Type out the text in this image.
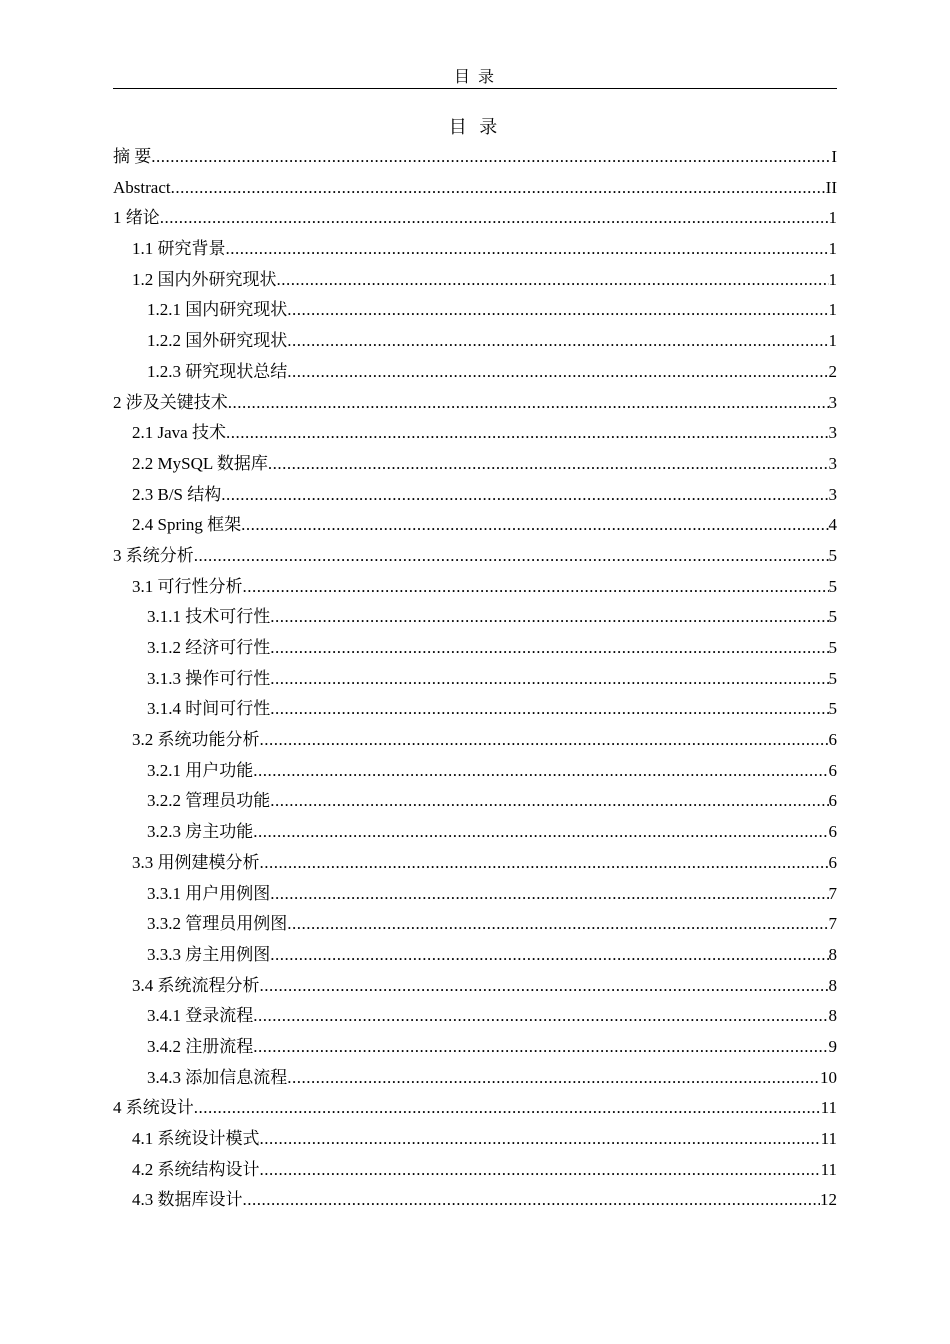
目 录
目 录
摘 要 .....	I
Abstract .....	II
1 绪论 .....	1
1.1 研究背景 .....	1
1.2 国内外研究现状 .....	1
1.2.1 国内研究现状 .....	1
1.2.2 国外研究现状 .....	1
1.2.3 研究现状总结 .....	2
2 涉及关键技术 .....	3
2.1 Java 技术 .....	3
2.2 MySQL 数据库 .....	3
2.3 B/S 结构 .....	3
2.4 Spring 框架 .....	4
3 系统分析 .....	5
3.1 可行性分析 .....	5
3.1.1 技术可行性 .....	5
3.1.2 经济可行性 .....	5
3.1.3 操作可行性 .....	5
3.1.4 时间可行性 .....	5
3.2 系统功能分析 .....	6
3.2.1 用户功能 .....	6
3.2.2 管理员功能 .....	6
3.2.3 房主功能 .....	6
3.3 用例建模分析 .....	6
3.3.1 用户用例图 .....	7
3.3.2 管理员用例图 .....	7
3.3.3 房主用例图 .....	8
3.4 系统流程分析 .....	8
3.4.1 登录流程 .....	8
3.4.2 注册流程 .....	9
3.4.3 添加信息流程 .....	10
4 系统设计 .....	11
4.1 系统设计模式 .....	11
4.2 系统结构设计 .....	11
4.3 数据库设计 .....	12
